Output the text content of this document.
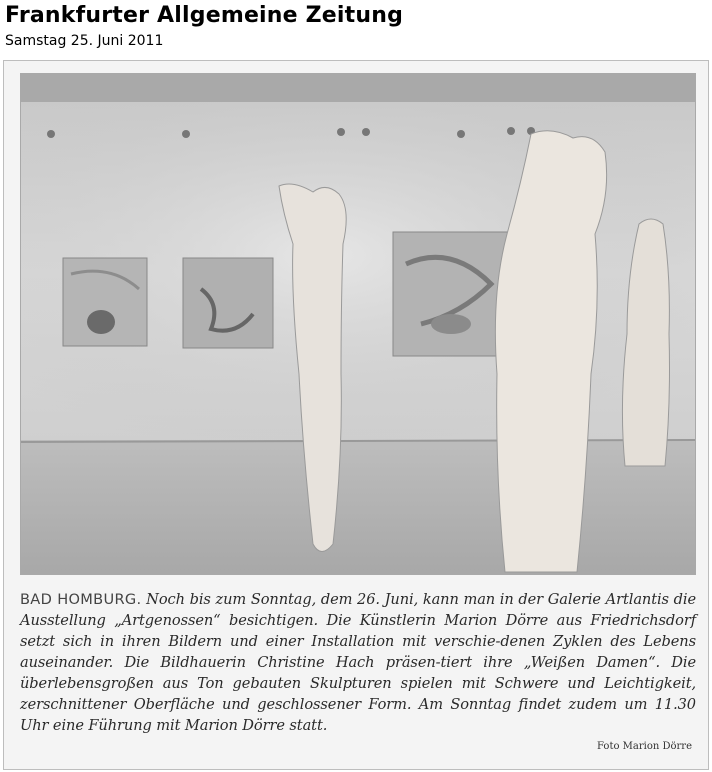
Frankfurter Allgemeine Zeitung
Samstag 25. Juni 2011
BAD HOMBURG. Noch bis zum Sonntag, dem 26. Juni, kann man in der Galerie Artlantis die Ausstellung „Artgenossen“ besichtigen. Die Künstlerin Marion Dörre aus Friedrichsdorf setzt sich in ihren Bildern und einer Installation mit verschie-denen Zyklen des Lebens auseinander. Die Bildhauerin Christine Hach präsen-tiert ihre „Weißen Damen“. Die überlebensgroßen aus Ton gebauten Skulpturen spielen mit Schwere und Leichtigkeit, zerschnittener Oberfläche und geschlossener Form. Am Sonntag findet zudem um 11.30 Uhr eine Führung mit Marion Dörre statt.
Foto Marion Dörre
